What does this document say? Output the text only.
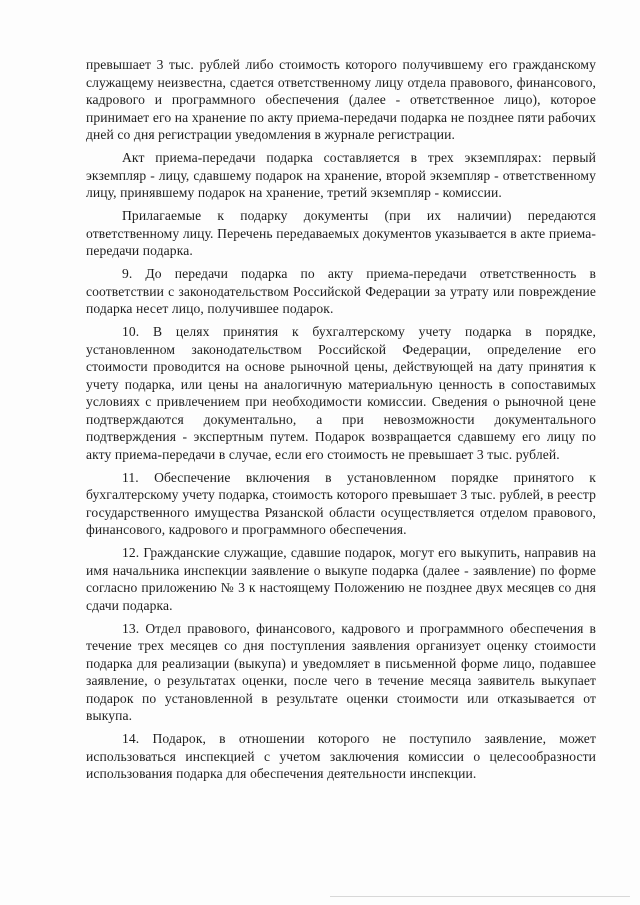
превышает 3 тыс. рублей либо стоимость которого получившему его гражданскому служащему неизвестна, сдается ответственному лицу отдела правового, финансового, кадрового и программного обеспечения (далее - ответственное лицо), которое принимает его на хранение по акту приема-передачи подарка не позднее пяти рабочих дней со дня регистрации уведомления в журнале регистрации.

Акт приема-передачи подарка составляется в трех экземплярах: первый экземпляр - лицу, сдавшему подарок на хранение, второй экземпляр - ответственному лицу, принявшему подарок на хранение, третий экземпляр - комиссии.

Прилагаемые к подарку документы (при их наличии) передаются ответственному лицу. Перечень передаваемых документов указывается в акте приема-передачи подарка.

9. До передачи подарка по акту приема-передачи ответственность в соответствии с законодательством Российской Федерации за утрату или повреждение подарка несет лицо, получившее подарок.

10. В целях принятия к бухгалтерскому учету подарка в порядке, установленном законодательством Российской Федерации, определение его стоимости проводится на основе рыночной цены, действующей на дату принятия к учету подарка, или цены на аналогичную материальную ценность в сопоставимых условиях с привлечением при необходимости комиссии. Сведения о рыночной цене подтверждаются документально, а при невозможности документального подтверждения - экспертным путем. Подарок возвращается сдавшему его лицу по акту приема-передачи в случае, если его стоимость не превышает 3 тыс. рублей.

11. Обеспечение включения в установленном порядке принятого к бухгалтерскому учету подарка, стоимость которого превышает 3 тыс. рублей, в реестр государственного имущества Рязанской области осуществляется отделом правового, финансового, кадрового и программного обеспечения.

12. Гражданские служащие, сдавшие подарок, могут его выкупить, направив на имя начальника инспекции заявление о выкупе подарка (далее - заявление) по форме согласно приложению № 3 к настоящему Положению не позднее двух месяцев со дня сдачи подарка.

13. Отдел правового, финансового, кадрового и программного обеспечения в течение трех месяцев со дня поступления заявления организует оценку стоимости подарка для реализации (выкупа) и уведомляет в письменной форме лицо, подавшее заявление, о результатах оценки, после чего в течение месяца заявитель выкупает подарок по установленной в результате оценки стоимости или отказывается от выкупа.

14. Подарок, в отношении которого не поступило заявление, может использоваться инспекцией с учетом заключения комиссии о целесообразности использования подарка для обеспечения деятельности инспекции.
